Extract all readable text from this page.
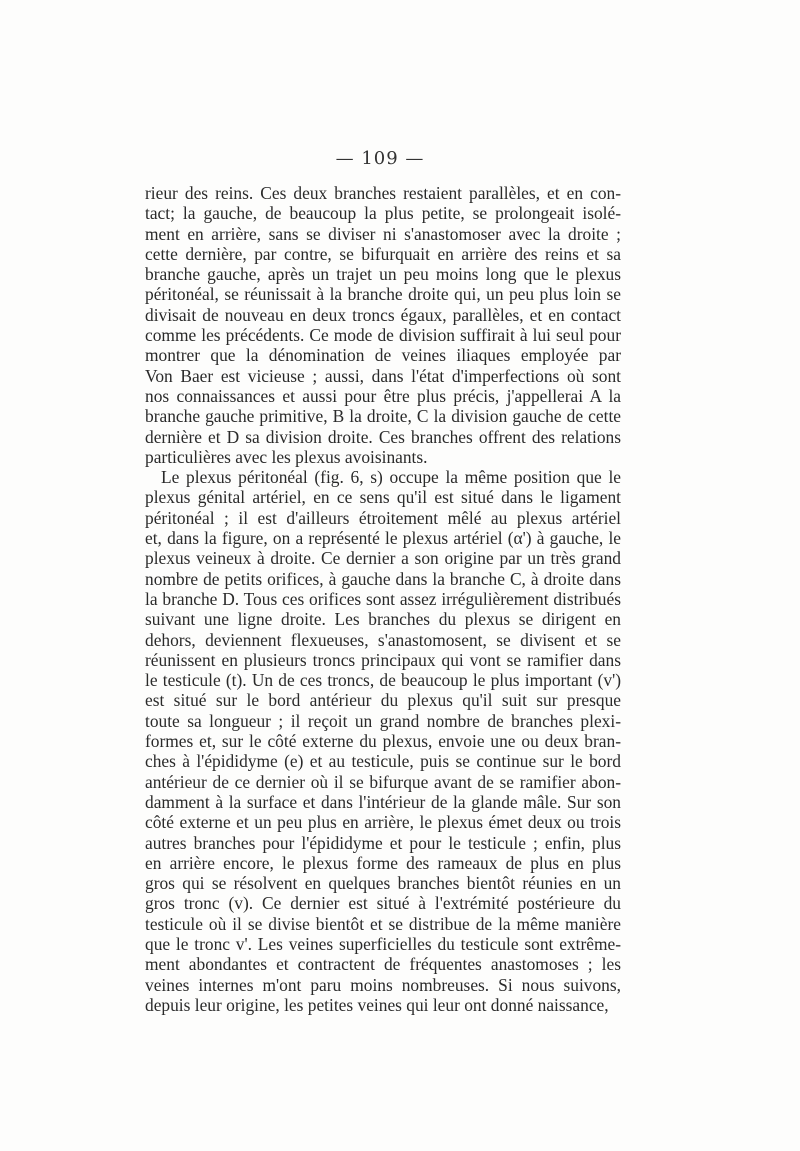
— 109 —
rieur des reins. Ces deux branches restaient parallèles, et en con-
tact; la gauche, de beaucoup la plus petite, se prolongeait isolé-
ment en arrière, sans se diviser ni s'anastomoser avec la droite ;
cette dernière, par contre, se bifurquait en arrière des reins et sa
branche gauche, après un trajet un peu moins long que le plexus
péritonéal, se réunissait à la branche droite qui, un peu plus loin se
divisait de nouveau en deux troncs égaux, parallèles, et en contact
comme les précédents. Ce mode de division suffirait à lui seul pour
montrer que la dénomination de veines iliaques employée par
Von Baer est vicieuse ; aussi, dans l'état d'imperfections où sont
nos connaissances et aussi pour être plus précis, j'appellerai A la
branche gauche primitive, B la droite, C la division gauche de cette
dernière et D sa division droite. Ces branches offrent des relations
particulières avec les plexus avoisinants.
Le plexus péritonéal (fig. 6, s) occupe la même position que le
plexus génital artériel, en ce sens qu'il est situé dans le ligament
péritonéal ; il est d'ailleurs étroitement mêlé au plexus artériel
et, dans la figure, on a représenté le plexus artériel (α') à gauche, le
plexus veineux à droite. Ce dernier a son origine par un très grand
nombre de petits orifices, à gauche dans la branche C, à droite dans
la branche D. Tous ces orifices sont assez irrégulièrement distribués
suivant une ligne droite. Les branches du plexus se dirigent en
dehors, deviennent flexueuses, s'anastomosent, se divisent et se
réunissent en plusieurs troncs principaux qui vont se ramifier dans
le testicule (t). Un de ces troncs, de beaucoup le plus important (v')
est situé sur le bord antérieur du plexus qu'il suit sur presque
toute sa longueur ; il reçoit un grand nombre de branches plexi-
formes et, sur le côté externe du plexus, envoie une ou deux bran-
ches à l'épididyme (e) et au testicule, puis se continue sur le bord
antérieur de ce dernier où il se bifurque avant de se ramifier abon-
damment à la surface et dans l'intérieur de la glande mâle. Sur son
côté externe et un peu plus en arrière, le plexus émet deux ou trois
autres branches pour l'épididyme et pour le testicule ; enfin, plus
en arrière encore, le plexus forme des rameaux de plus en plus
gros qui se résolvent en quelques branches bientôt réunies en un
gros tronc (v). Ce dernier est situé à l'extrémité postérieure du
testicule où il se divise bientôt et se distribue de la même manière
que le tronc v'. Les veines superficielles du testicule sont extrême-
ment abondantes et contractent de fréquentes anastomoses ; les
veines internes m'ont paru moins nombreuses. Si nous suivons,
depuis leur origine, les petites veines qui leur ont donné naissance,
